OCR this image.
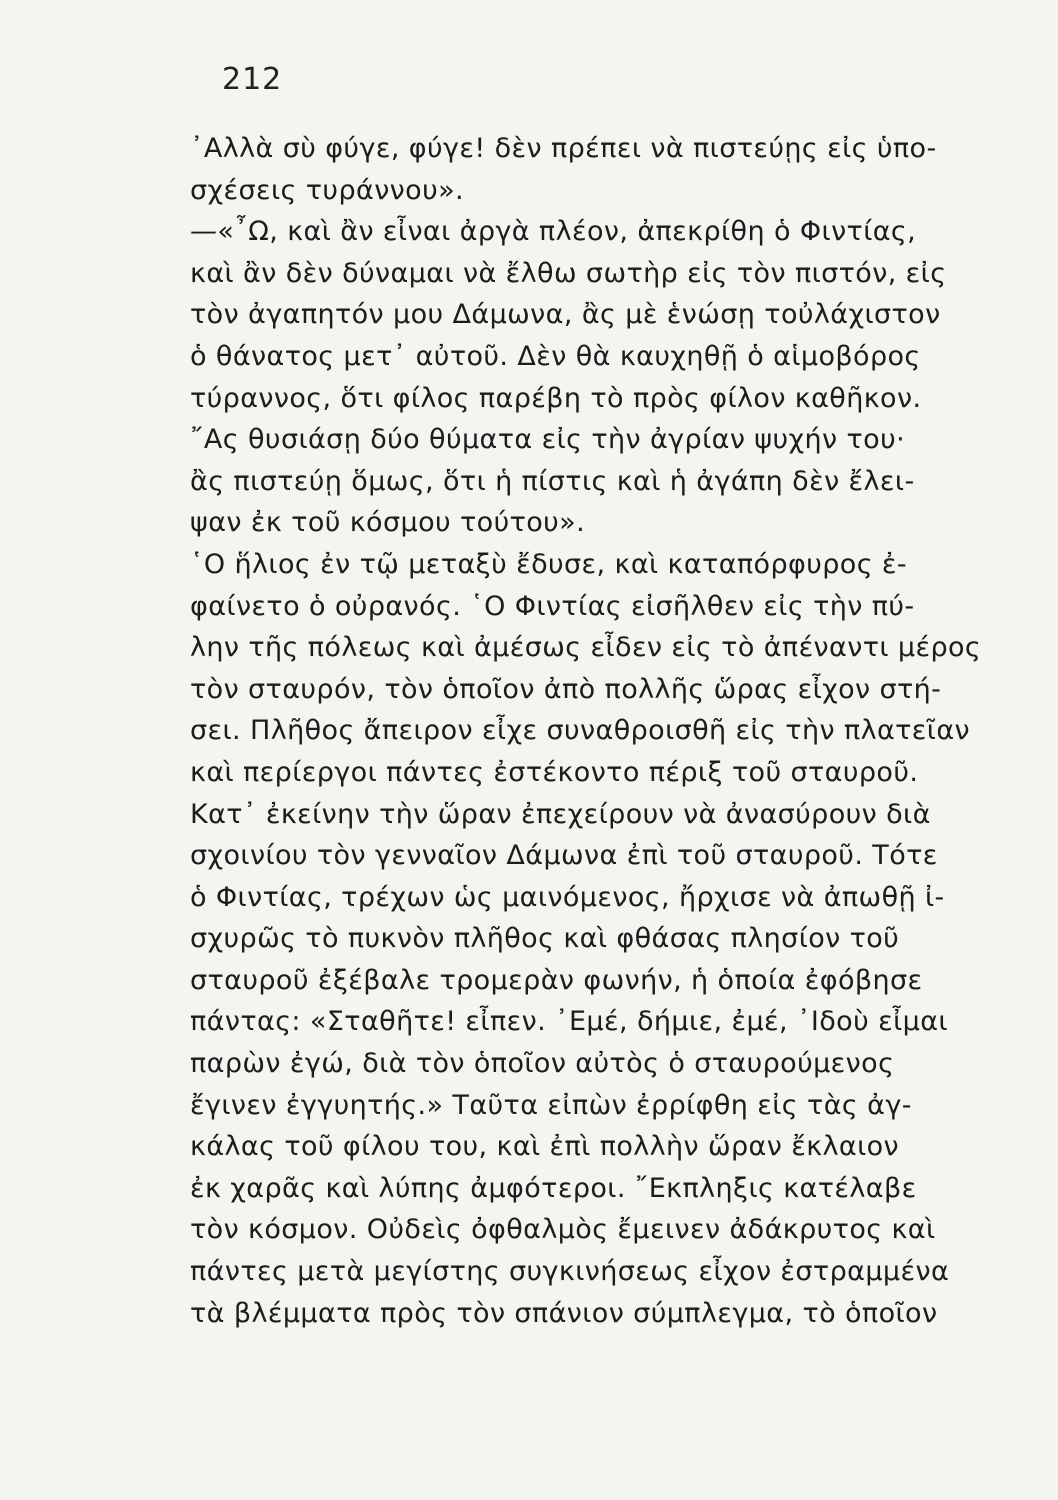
212
᾿Αλλὰ σὺ φύγε, φύγε! δὲν πρέπει νὰ πιστεύῃς εἰς ὑπο-
σχέσεις τυράννου».
—«῏Ω, καὶ ἂν εἶναι ἀργὰ πλέον, ἀπεκρίθη ὁ Φιντίας,
καὶ ἂν δὲν δύναμαι νὰ ἔλθω σωτὴρ εἰς τὸν πιστόν, εἰς
τὸν ἀγαπητόν μου Δάμωνα, ἂς μὲ ἑνώσῃ τοὐλάχιστον
ὁ θάνατος μετ᾿ αὐτοῦ. Δὲν θὰ καυχηθῇ ὁ αἱμοβόρος
τύραννος, ὅτι φίλος παρέβη τὸ πρὸς φίλον καθῆκον.
῎Ας θυσιάσῃ δύο θύματα εἰς τὴν ἀγρίαν ψυχήν του·
ἂς πιστεύῃ ὅμως, ὅτι ἡ πίστις καὶ ἡ ἀγάπη δὲν ἔλει-
ψαν ἐκ τοῦ κόσμου τούτου».
῾Ο ἥλιος ἐν τῷ μεταξὺ ἔδυσε, καὶ καταπόρφυρος ἐ-
φαίνετο ὁ οὐρανός. ῾Ο Φιντίας εἰσῆλθεν εἰς τὴν πύ-
λην τῆς πόλεως καὶ ἀμέσως εἶδεν εἰς τὸ ἀπέναντι μέρος
τὸν σταυρόν, τὸν ὁποῖον ἀπὸ πολλῆς ὥρας εἶχον στή-
σει. Πλῆθος ἄπειρον εἶχε συναθροισθῆ εἰς τὴν πλατεῖαν
καὶ περίεργοι πάντες ἐστέκοντο πέριξ τοῦ σταυροῦ.
Κατ᾿ ἐκείνην τὴν ὥραν ἐπεχείρουν νὰ ἀνασύρουν διὰ
σχοινίου τὸν γενναῖον Δάμωνα ἐπὶ τοῦ σταυροῦ. Τότε
ὁ Φιντίας, τρέχων ὡς μαινόμενος, ἤρχισε νὰ ἀπωθῇ ἰ-
σχυρῶς τὸ πυκνὸν πλῆθος καὶ φθάσας πλησίον τοῦ
σταυροῦ ἐξέβαλε τρομερὰν φωνήν, ἡ ὁποία ἐφόβησε
πάντας: «Σταθῆτε! εἶπεν. ᾿Εμέ, δήμιε, ἐμέ, ᾿Ιδοὺ εἶμαι
παρὼν ἐγώ, διὰ τὸν ὁποῖον αὐτὸς ὁ σταυρούμενος
ἔγινεν ἐγγυητής.» Ταῦτα εἰπὼν ἐρρίφθη εἰς τὰς ἀγ-
κάλας τοῦ φίλου του, καὶ ἐπὶ πολλὴν ὥραν ἔκλαιον
ἐκ χαρᾶς καὶ λύπης ἀμφότεροι. ῎Εκπληξις κατέλαβε
τὸν κόσμον. Οὐδεὶς ὀφθαλμὸς ἔμεινεν ἀδάκρυτος καὶ
πάντες μετὰ μεγίστης συγκινήσεως εἶχον ἐστραμμένα
τὰ βλέμματα πρὸς τὸν σπάνιον σύμπλεγμα, τὸ ὁποῖον
